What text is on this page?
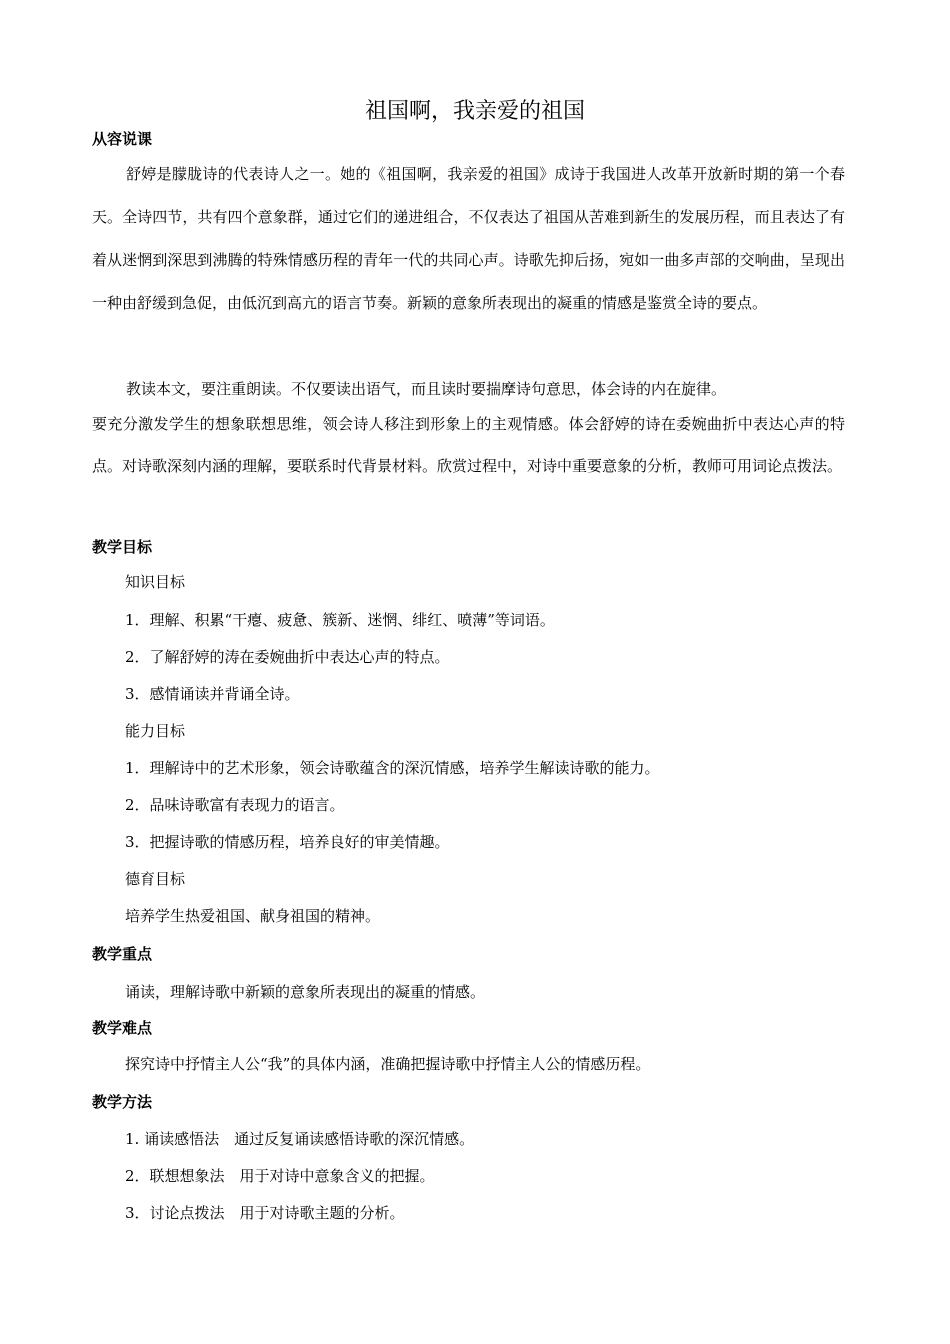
祖国啊，我亲爱的祖国
从容说课
舒婷是朦胧诗的代表诗人之一。她的《祖国啊，我亲爱的祖国》成诗于我国进人改革开放新时期的第一个春天。全诗四节，共有四个意象群，通过它们的递进组合，不仅表达了祖国从苦难到新生的发展历程，而且表达了有着从迷惘到深思到沸腾的特殊情感历程的青年一代的共同心声。诗歌先抑后扬，宛如一曲多声部的交响曲，呈现出一种由舒缓到急促，由低沉到高亢的语言节奏。新颖的意象所表现出的凝重的情感是鉴赏全诗的要点。
教读本文，要注重朗读。不仅要读出语气，而且读时要揣摩诗句意思，体会诗的内在旋律。
要充分激发学生的想象联想思维，领会诗人移注到形象上的主观情感。体会舒婷的诗在委婉曲折中表达心声的特点。对诗歌深刻内涵的理解，要联系时代背景材料。欣赏过程中，对诗中重要意象的分析，教师可用词论点拨法。
教学目标
知识目标
1．理解、积累“干瘪、疲惫、簇新、迷惘、绯红、喷薄”等词语。
2．了解舒婷的涛在委婉曲折中表达心声的特点。
3．感情诵读并背诵全诗。
能力目标
1．理解诗中的艺术形象，领会诗歌蕴含的深沉情感，培养学生解读诗歌的能力。
2．品味诗歌富有表现力的语言。
3．把握诗歌的情感历程，培养良好的审美情趣。
德育目标
培养学生热爱祖国、献身祖国的精神。
教学重点
诵读，理解诗歌中新颖的意象所表现出的凝重的情感。
教学难点
探究诗中抒情主人公“我”的具体内涵，准确把握诗歌中抒情主人公的情感历程。
教学方法
1. 诵读感悟法　通过反复诵读感悟诗歌的深沉情感。
2．联想想象法　用于对诗中意象含义的把握。
3．讨论点拨法　用于对诗歌主题的分析。
